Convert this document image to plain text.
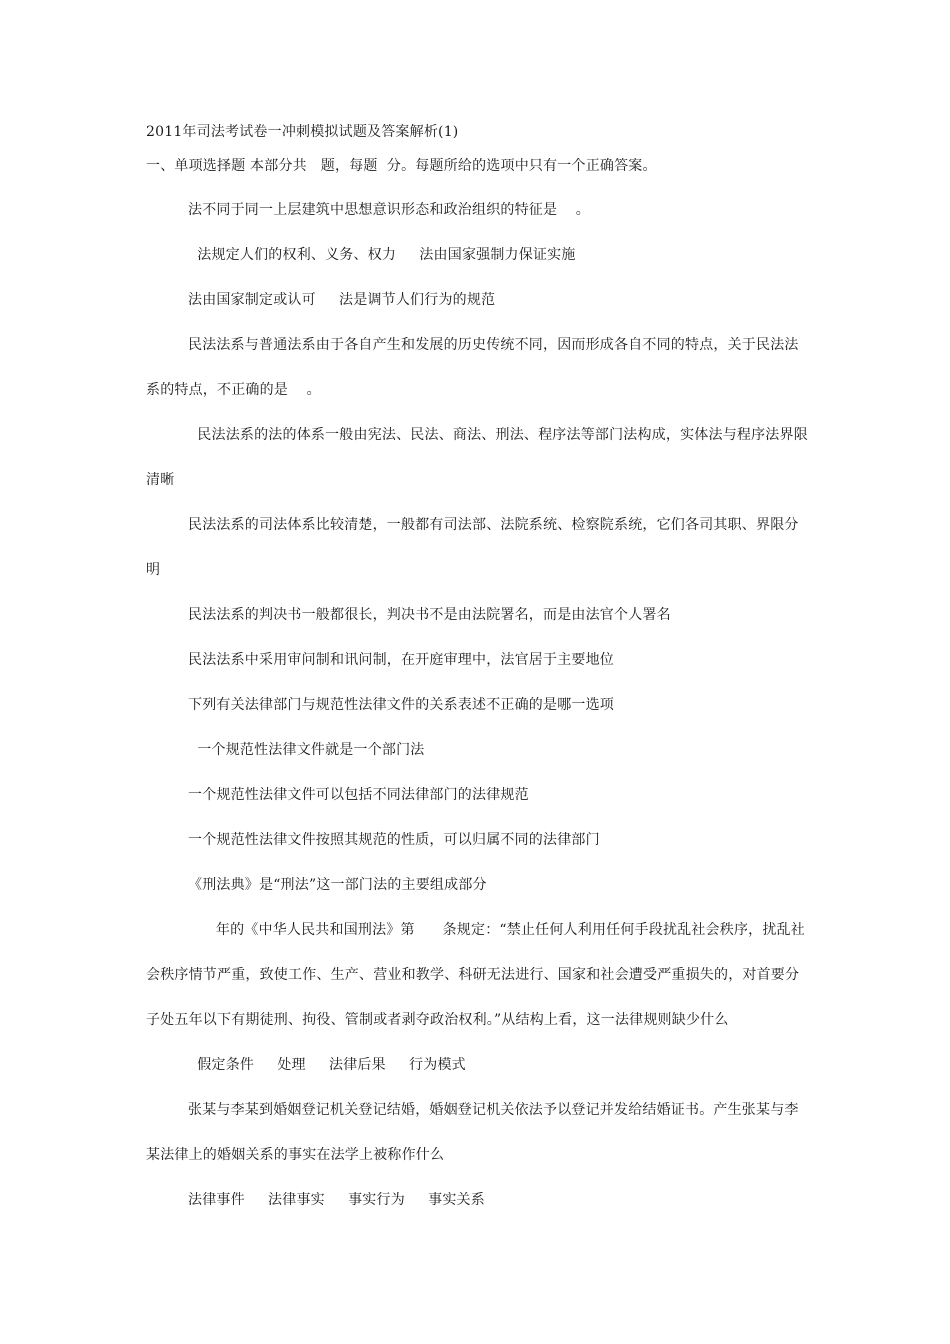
2011年司法考试卷一冲刺模拟试题及答案解析(1)
一、单项选择题 本部分共   题，每题  分。每题所给的选项中只有一个正确答案。
法不同于同一上层建筑中思想意识形态和政治组织的特征是    。
法规定人们的权利、义务、权力     法由国家强制力保证实施
法由国家制定或认可     法是调节人们行为的规范
民法法系与普通法系由于各自产生和发展的历史传统不同，因而形成各自不同的特点，关于民法法
系的特点，不正确的是    。
民法法系的法的体系一般由宪法、民法、商法、刑法、程序法等部门法构成，实体法与程序法界限
清晰
民法法系的司法体系比较清楚，一般都有司法部、法院系统、检察院系统，它们各司其职、界限分
明
民法法系的判决书一般都很长，判决书不是由法院署名，而是由法官个人署名
民法法系中采用审问制和讯问制，在开庭审理中，法官居于主要地位
下列有关法律部门与规范性法律文件的关系表述不正确的是哪一选项
一个规范性法律文件就是一个部门法
一个规范性法律文件可以包括不同法律部门的法律规范
一个规范性法律文件按照其规范的性质，可以归属不同的法律部门
《刑法典》是“刑法”这一部门法的主要组成部分
年的《中华人民共和国刑法》第      条规定：“禁止任何人利用任何手段扰乱社会秩序，扰乱社
会秩序情节严重，致使工作、生产、营业和教学、科研无法进行、国家和社会遭受严重损失的，对首要分
子处五年以下有期徒刑、拘役、管制或者剥夺政治权利。”从结构上看，这一法律规则缺少什么
假定条件     处理     法律后果     行为模式
张某与李某到婚姻登记机关登记结婚，婚姻登记机关依法予以登记并发给结婚证书。产生张某与李
某法律上的婚姻关系的事实在法学上被称作什么
法律事件     法律事实     事实行为     事实关系
